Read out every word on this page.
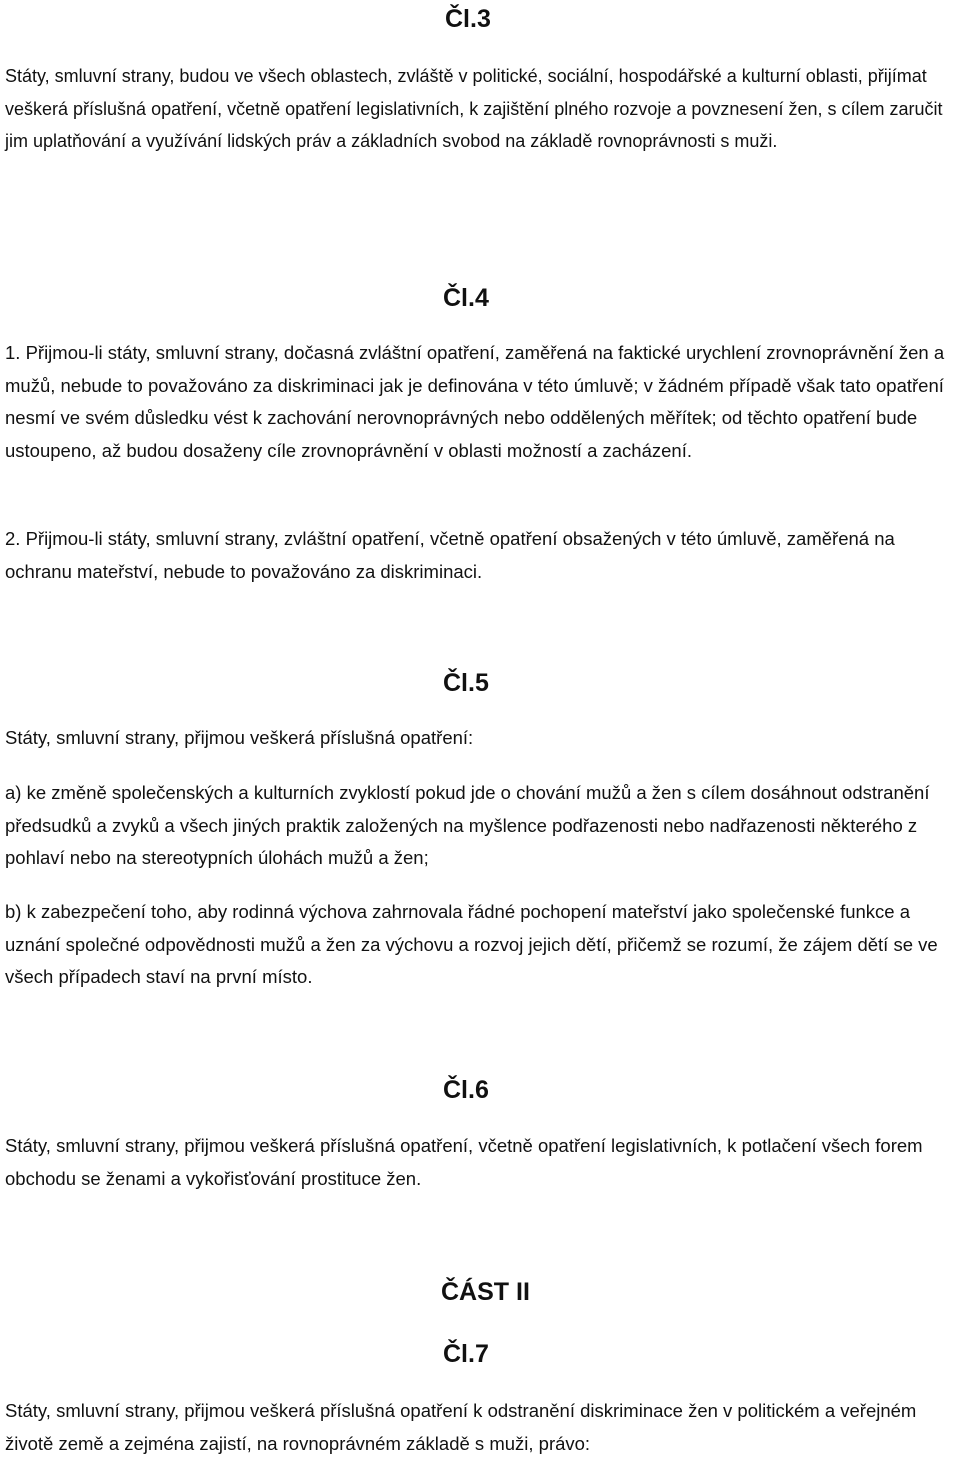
Čl.3

Státy, smluvní strany, budou ve všech oblastech, zvláště v politické, sociální, hospodářské a kulturní oblasti, přijímat veškerá příslušná opatření, včetně opatření legislativních, k zajištění plného rozvoje a povznesení žen, s cílem zaručit jim uplatňování a využívání lidských práv a základních svobod na základě rovnoprávnosti s muži.

Čl.4

1. Přijmou-li státy, smluvní strany, dočasná zvláštní opatření, zaměřená na faktické urychlení zrovnoprávnění žen a mužů, nebude to považováno za diskriminaci jak je definována v této úmluvě; v žádném případě však tato opatření nesmí ve svém důsledku vést k zachování nerovnoprávných nebo oddělených měřítek; od těchto opatření bude ustoupeno, až budou dosaženy cíle zrovnoprávnění v oblasti možností a zacházení.

2. Přijmou-li státy, smluvní strany, zvláštní opatření, včetně opatření obsažených v této úmluvě, zaměřená na ochranu mateřství, nebude to považováno za diskriminaci.

Čl.5

Státy, smluvní strany, přijmou veškerá příslušná opatření:

a) ke změně společenských a kulturních zvyklostí pokud jde o chování mužů a žen s cílem dosáhnout odstranění předsudků a zvyků a všech jiných praktik založených na myšlence podřazenosti nebo nadřazenosti některého z pohlaví nebo na stereotypních úlohách mužů a žen;

b) k zabezpečení toho, aby rodinná výchova zahrnovala řádné pochopení mateřství jako společenské funkce a uznání společné odpovědnosti mužů a žen za výchovu a rozvoj jejich dětí, přičemž se rozumí, že zájem dětí se ve všech případech staví na první místo.

Čl.6

Státy, smluvní strany, přijmou veškerá příslušná opatření, včetně opatření legislativních, k potlačení všech forem obchodu se ženami a vykořisťování prostituce žen.

ČÁST II
Čl.7

Státy, smluvní strany, přijmou veškerá příslušná opatření k odstranění diskriminace žen v politickém a veřejném životě země a zejména zajistí, na rovnoprávném základě s muži, právo:
